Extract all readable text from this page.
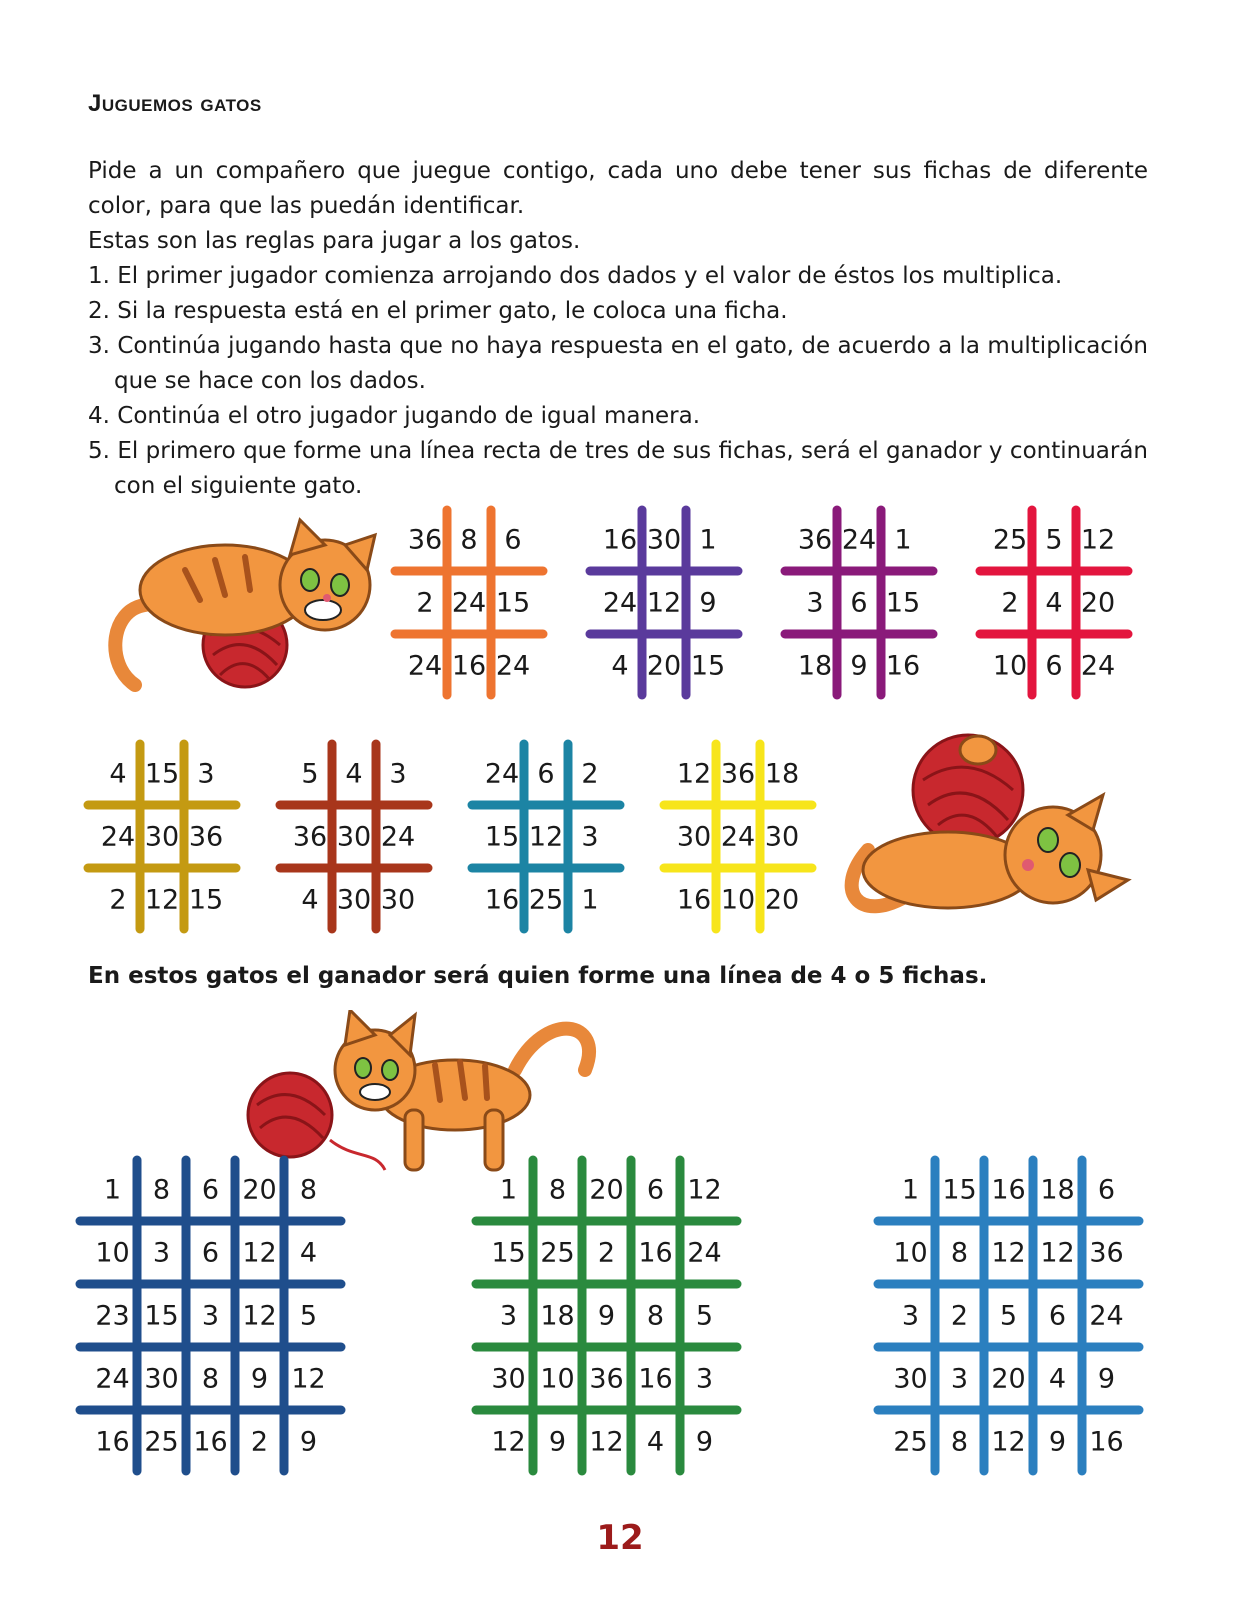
Juguemos gatos

Pide a un compañero que juegue contigo, cada uno debe tener sus fichas de diferente color, para que las puedán identificar.

Estas son las reglas para jugar a los gatos.

1. El primer jugador comienza arrojando dos dados y el valor de éstos los multiplica.
2. Si la respuesta está en el primer gato, le coloca una ficha.
3. Continúa jugando hasta que no haya respuesta en el gato, de acuerdo a la multiplicación que se hace con los dados.
4. Continúa el otro jugador jugando de igual manera.
5. El primero que forme una línea recta de tres de sus fichas, será el ganador y continuarán con el siguiente gato.
36 8 6
2 24 15
24 16 24
16 30 1
24 12 9
4 20 15
36 24 1
3 6 15
18 9 16
25 5 12
2 4 20
10 6 24
4 15 3
24 30 36
2 12 15
5 4 3
36 30 24
4 30 30
24 6 2
15 12 3
16 25 1
12 36 18
30 24 30
16 10 20

En estos gatos el ganador será quien forme una línea de 4 o 5 fichas.

1 8 6 20 8
10 3 6 12 4
23 15 3 12 5
24 30 8 9 12
16 25 16 2 9
1 8 20 6 12
15 25 2 16 24
3 18 9 8 5
30 10 36 16 3
12 9 12 4 9
1 15 16 18 6
10 8 12 12 36
3 2 5 6 24
30 3 20 4 9
25 8 12 9 16
12
